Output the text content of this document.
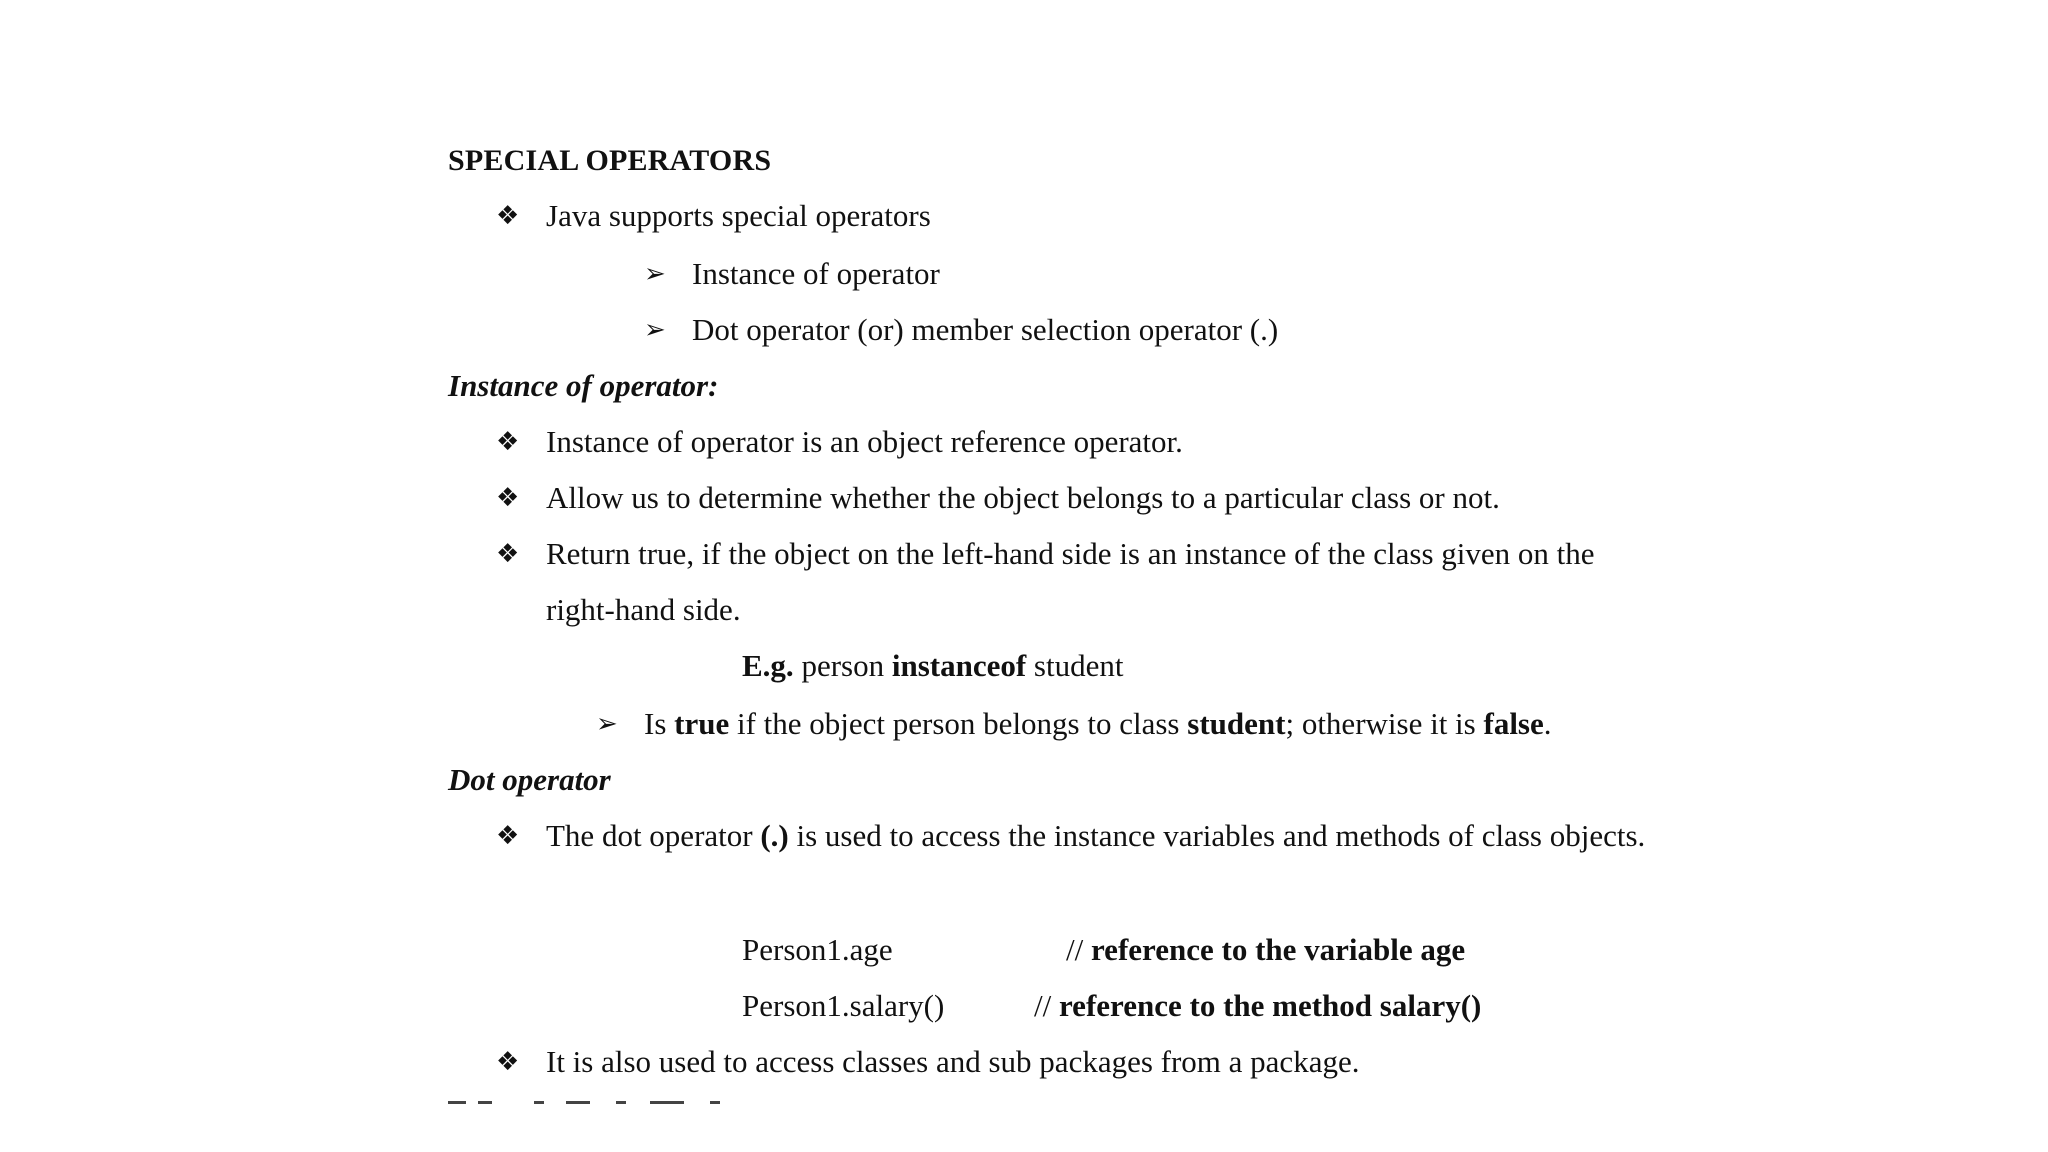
SPECIAL OPERATORS
❖ Java supports special operators
➢ Instance of operator
➢ Dot operator (or) member selection operator (.)
Instance of operator:
❖ Instance of operator is an object reference operator.
❖ Allow us to determine whether the object belongs to a particular class or not.
❖ Return true, if the object on the left-hand side is an instance of the class given on the
right-hand side.
E.g. person instanceof student
➢ Is true if the object person belongs to class student; otherwise it is false.
Dot operator
❖ The dot operator (.) is used to access the instance variables and methods of class objects.
Person1.age	// reference to the variable age
Person1.salary()	// reference to the method salary()
❖ It is also used to access classes and sub packages from a package.
